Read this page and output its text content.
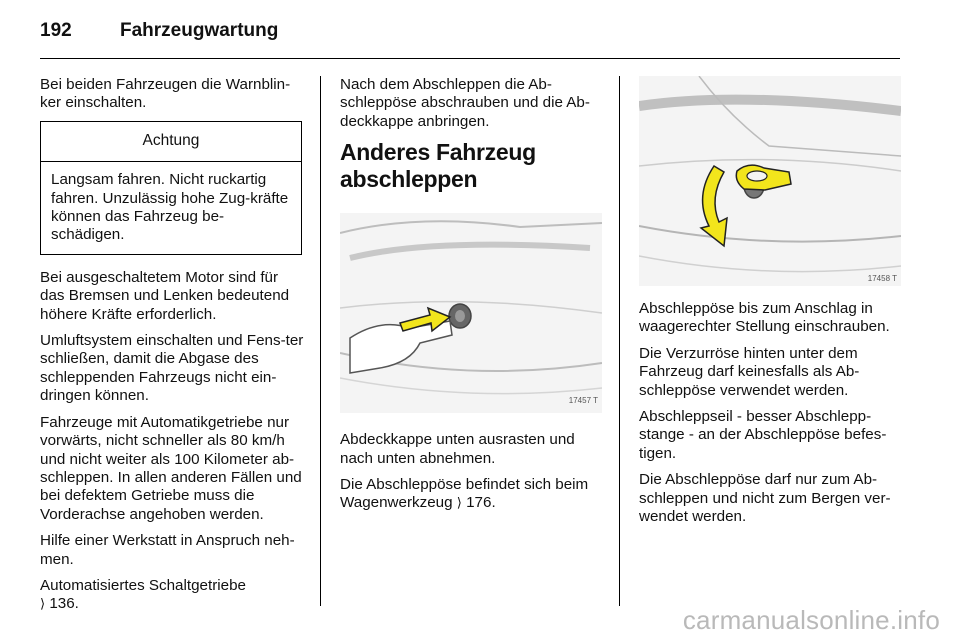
192	Fahrzeugwartung

Bei beiden Fahrzeugen die Warnblin-ker einschalten.

Achtung
Langsam fahren. Nicht ruckartig fahren. Unzulässig hohe Zug-kräfte können das Fahrzeug be-schädigen.

Bei ausgeschaltetem Motor sind für das Bremsen und Lenken bedeutend höhere Kräfte erforderlich.

Umluftsystem einschalten und Fens-ter schließen, damit die Abgase des schleppenden Fahrzeugs nicht ein-dringen können.

Fahrzeuge mit Automatikgetriebe nur vorwärts, nicht schneller als 80 km/h und nicht weiter als 100 Kilometer ab-schleppen. In allen anderen Fällen und bei defektem Getriebe muss die Vorderachse angehoben werden.

Hilfe einer Werkstatt in Anspruch neh-men.

Automatisiertes Schaltgetriebe
⟩ 136.

Nach dem Abschleppen die Ab-schleppöse abschrauben und die Ab-deckkappe anbringen.

Anderes Fahrzeug abschleppen
17457 T

Abdeckkappe unten ausrasten und nach unten abnehmen.

Die Abschleppöse befindet sich beim Wagenwerkzeug ⟩ 176.

17458 T

Abschleppöse bis zum Anschlag in waagerechter Stellung einschrauben.

Die Verzurröse hinten unter dem Fahrzeug darf keinesfalls als Ab-schleppöse verwendet werden.

Abschleppseil - besser Abschlepp-stange - an der Abschleppöse befes-tigen.

Die Abschleppöse darf nur zum Ab-schleppen und nicht zum Bergen ver-wendet werden.

carmanualsonline.info
